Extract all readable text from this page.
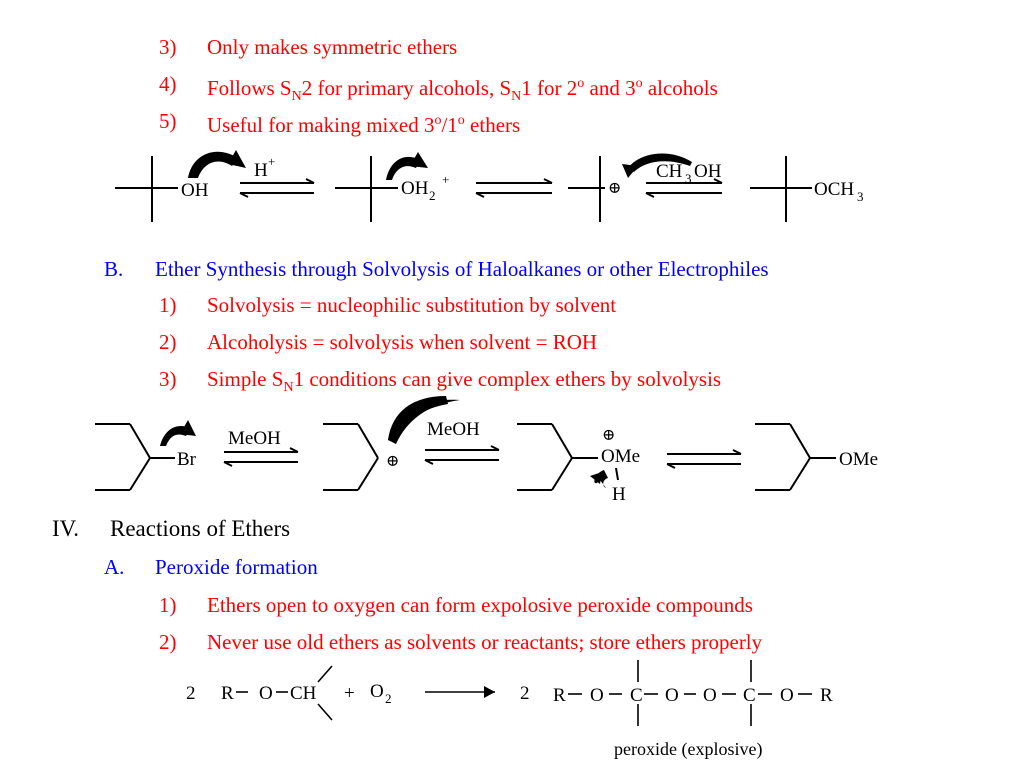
3) Only makes symmetric ethers
4) Follows $S_N2$ for primary alcohols, $S_N1$ for 2$^o$ and 3$^o$ alcohols
5) Useful for making mixed 3$^o$/1$^o$ ethers
OH
H +
OH 2
+
⊕
CH 3 OH
OCH 3
B. Ether Synthesis through Solvolysis of Haloalkanes or other Electrophiles
1) Solvolysis = nucleophilic substitution by solvent
2) Alcoholysis = solvolysis when solvent = ROH
3) Simple $S_N1$ conditions can give complex ethers by solvolysis
Br
MeOH
⊕
MeOH	⊕
OMe
H
OMe
IV. Reactions of Ethers
A. Peroxide formation
1) Ethers open to oxygen can form expolosive peroxide compounds
2) Never use old ethers as solvents or reactants; store ethers properly
2 R O CH + O 2	2 R O C O O C O R
peroxide (explosive)
